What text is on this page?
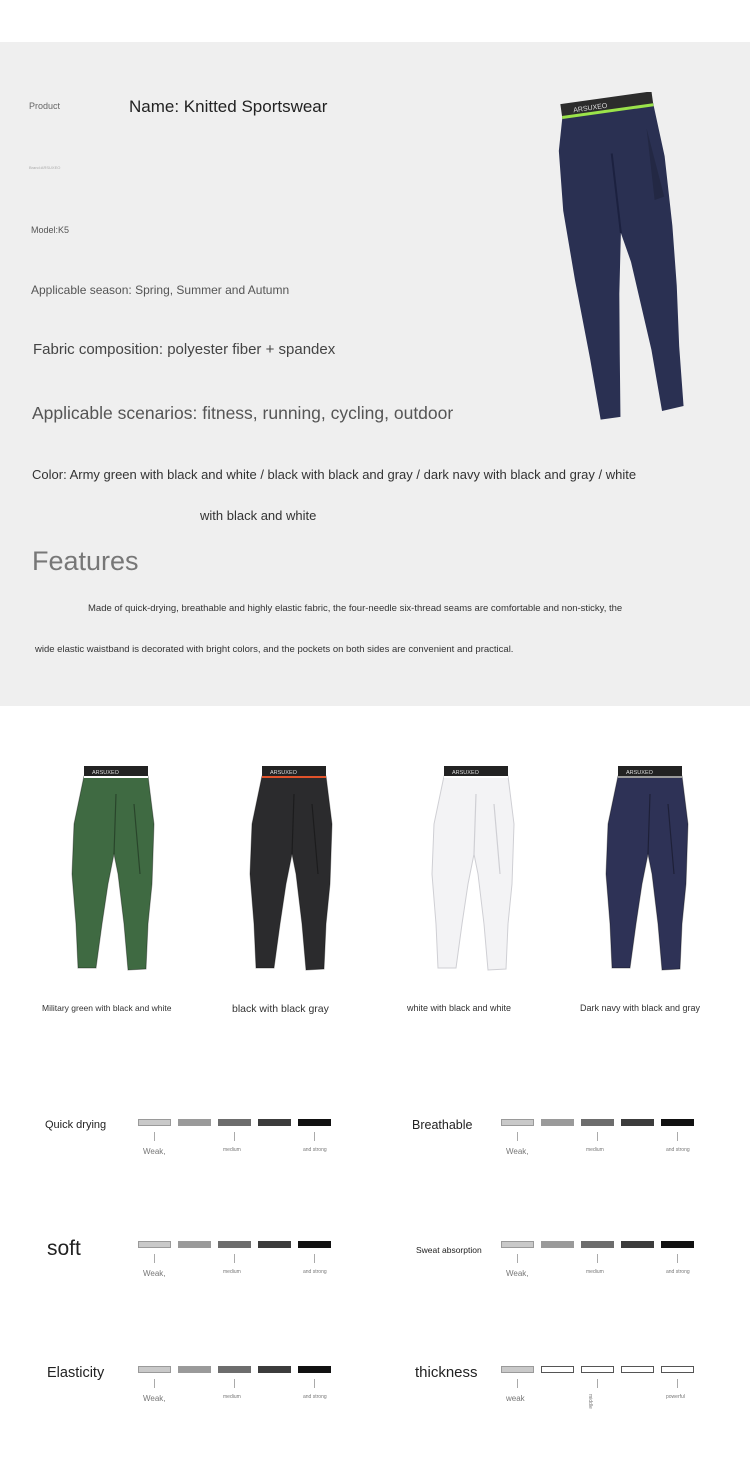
Product	Name: Knitted Sportswear
Brand:ARSUXEO
Model:K5
Applicable season: Spring, Summer and Autumn
Fabric composition: polyester fiber + spandex
Applicable scenarios: fitness, running, cycling, outdoor
Color: Army green with black and white / black with black and gray / dark navy with black and gray / white
with black and white
Features
Made of quick-drying, breathable and highly elastic fabric, the four-needle six-thread seams are comfortable and non-sticky, the
wide elastic waistband is decorated with bright colors, and the pockets on both sides are convenient and practical.
ARSUXEO
ARSUXEO
Military green with black and white
ARSUXEO
black with black gray
ARSUXEO
white with black and white
ARSUXEO
Dark navy with black and gray
Quick drying
Weak,	medium	and strong
Breathable
Weak,	medium	and strong
soft
Weak,	medium	and strong
Sweat absorption
Weak,	medium	and strong
Elasticity
Weak,	medium	and strong
thickness
weak	middle	powerful
